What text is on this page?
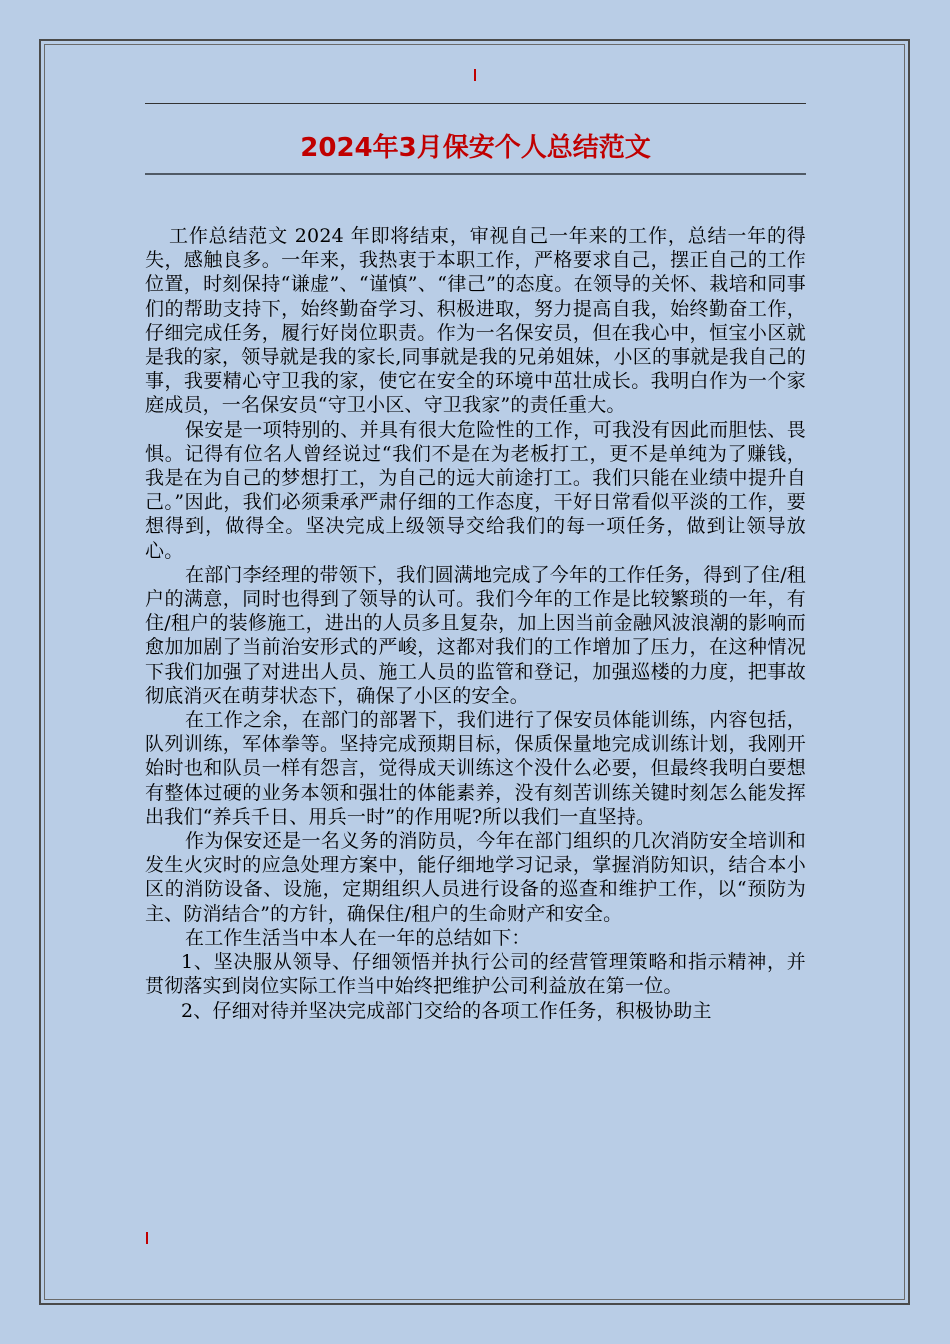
2024年3月保安个人总结范文

工作总结范文 2024 年即将结束，审视自己一年来的工作，总结一年的得失，感触良多。一年来，我热衷于本职工作，严格要求自己，摆正自己的工作位置，时刻保持“谦虚”、“谨慎”、“律己”的态度。在领导的关怀、栽培和同事们的帮助支持下，始终勤奋学习、积极进取，努力提高自我，始终勤奋工作，仔细完成任务，履行好岗位职责。作为一名保安员，但在我心中，恒宝小区就是我的家，领导就是我的家长,同事就是我的兄弟姐妹，小区的事就是我自己的事，我要精心守卫我的家，使它在安全的环境中茁壮成长。我明白作为一个家庭成员，一名保安员“守卫小区、守卫我家”的责任重大。

保安是一项特别的、并具有很大危险性的工作，可我没有因此而胆怯、畏惧。记得有位名人曾经说过“我们不是在为老板打工，更不是单纯为了赚钱，我是在为自己的梦想打工，为自己的远大前途打工。我们只能在业绩中提升自己。”因此，我们必须秉承严肃仔细的工作态度，干好日常看似平淡的工作，要想得到，做得全。坚决完成上级领导交给我们的每一项任务，做到让领导放心。

在部门李经理的带领下，我们圆满地完成了今年的工作任务，得到了住/租户的满意，同时也得到了领导的认可。我们今年的工作是比较繁琐的一年，有住/租户的装修施工，进出的人员多且复杂，加上因当前金融风波浪潮的影响而愈加加剧了当前治安形式的严峻，这都对我们的工作增加了压力，在这种情况下我们加强了对进出人员、施工人员的监管和登记，加强巡楼的力度，把事故彻底消灭在萌芽状态下，确保了小区的安全。

在工作之余，在部门的部署下，我们进行了保安员体能训练，内容包括，队列训练，军体拳等。坚持完成预期目标，保质保量地完成训练计划，我刚开始时也和队员一样有怨言，觉得成天训练这个没什么必要，但最终我明白要想有整体过硬的业务本领和强壮的体能素养，没有刻苦训练关键时刻怎么能发挥出我们“养兵千日、用兵一时”的作用呢?所以我们一直坚持。

作为保安还是一名义务的消防员，今年在部门组织的几次消防安全培训和发生火灾时的应急处理方案中，能仔细地学习记录，掌握消防知识，结合本小区的消防设备、设施，定期组织人员进行设备的巡查和维护工作，以“预防为主、防消结合”的方针，确保住/租户的生命财产和安全。

在工作生活当中本人在一年的总结如下：

1、坚决服从领导、仔细领悟并执行公司的经营管理策略和指示精神，并贯彻落实到岗位实际工作当中始终把维护公司利益放在第一位。

2、仔细对待并坚决完成部门交给的各项工作任务，积极协助主
